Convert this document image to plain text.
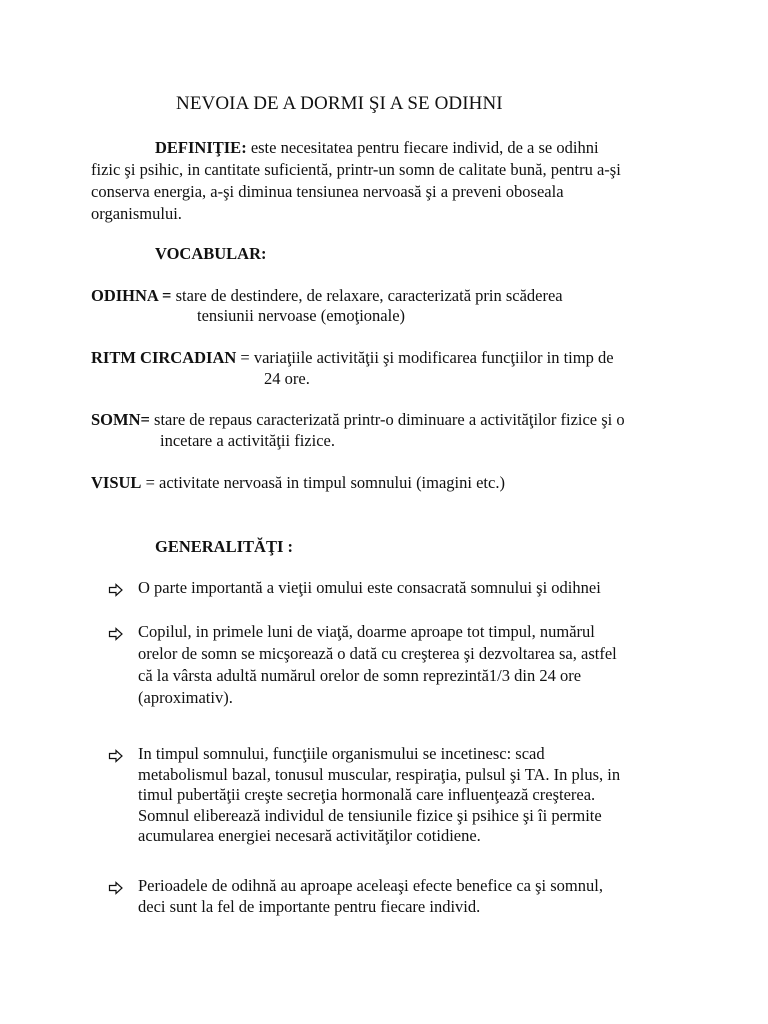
NEVOIA DE A DORMI ŞI A SE ODIHNI
DEFINIŢIE: este necesitatea pentru fiecare individ, de a se odihni
fizic şi psihic, in cantitate suficientă, printr-un somn de calitate bună, pentru a-şi
conserva energia, a-şi diminua tensiunea nervoasă şi a preveni oboseala
organismului.
VOCABULAR:
ODIHNA = stare de destindere, de relaxare, caracterizată prin scăderea
tensiunii nervoase (emoţionale)
RITM CIRCADIAN = variaţiile activităţii şi modificarea funcţiilor in timp de
24 ore.
SOMN= stare de repaus caracterizată printr-o diminuare a activităţilor fizice şi o
incetare a activităţii fizice.
VISUL = activitate nervoasă in timpul somnului (imagini etc.)
GENERALITĂŢI :
O parte importantă a vieţii omului este consacrată somnului şi odihnei
Copilul, in primele luni de viaţă, doarme aproape tot timpul, numărul
orelor de somn se micşorează o dată cu creşterea şi dezvoltarea sa, astfel
că la vârsta adultă numărul orelor de somn reprezintă1/3 din 24 ore
(aproximativ).
In timpul somnului, funcţiile organismului se incetinesc: scad
metabolismul bazal, tonusul muscular, respiraţia, pulsul şi TA. In plus, in
timul pubertăţii creşte secreţia hormonală care influenţează creşterea.
Somnul eliberează individul de tensiunile fizice şi psihice şi îi permite
acumularea energiei necesară activităţilor cotidiene.
Perioadele de odihnă au aproape aceleaşi efecte benefice ca şi somnul,
deci sunt la fel de importante pentru fiecare individ.
